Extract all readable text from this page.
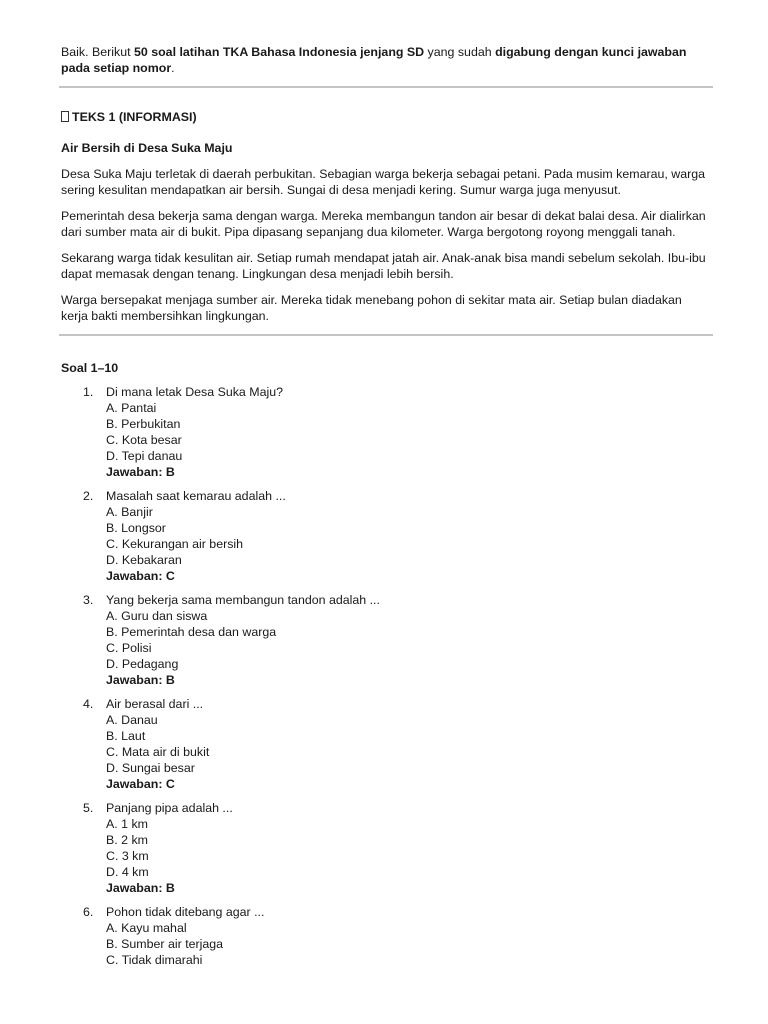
Baik. Berikut 50 soal latihan TKA Bahasa Indonesia jenjang SD yang sudah digabung dengan kunci jawaban pada setiap nomor.

TEKS 1 (INFORMASI)
Air Bersih di Desa Suka Maju

Desa Suka Maju terletak di daerah perbukitan. Sebagian warga bekerja sebagai petani. Pada musim kemarau, warga sering kesulitan mendapatkan air bersih. Sungai di desa menjadi kering. Sumur warga juga menyusut.

Pemerintah desa bekerja sama dengan warga. Mereka membangun tandon air besar di dekat balai desa. Air dialirkan dari sumber mata air di bukit. Pipa dipasang sepanjang dua kilometer. Warga bergotong royong menggali tanah.

Sekarang warga tidak kesulitan air. Setiap rumah mendapat jatah air. Anak-anak bisa mandi sebelum sekolah. Ibu-ibu dapat memasak dengan tenang. Lingkungan desa menjadi lebih bersih.

Warga bersepakat menjaga sumber air. Mereka tidak menebang pohon di sekitar mata air. Setiap bulan diadakan kerja bakti membersihkan lingkungan.

Soal 1–10
1. Di mana letak Desa Suka Maju?
A. Pantai
B. Perbukitan
C. Kota besar
D. Tepi danau
Jawaban: B
2. Masalah saat kemarau adalah ...
A. Banjir
B. Longsor
C. Kekurangan air bersih
D. Kebakaran
Jawaban: C
3. Yang bekerja sama membangun tandon adalah ...
A. Guru dan siswa
B. Pemerintah desa dan warga
C. Polisi
D. Pedagang
Jawaban: B
4. Air berasal dari ...
A. Danau
B. Laut
C. Mata air di bukit
D. Sungai besar
Jawaban: C
5. Panjang pipa adalah ...
A. 1 km
B. 2 km
C. 3 km
D. 4 km
Jawaban: B
6. Pohon tidak ditebang agar ...
A. Kayu mahal
B. Sumber air terjaga
C. Tidak dimarahi
